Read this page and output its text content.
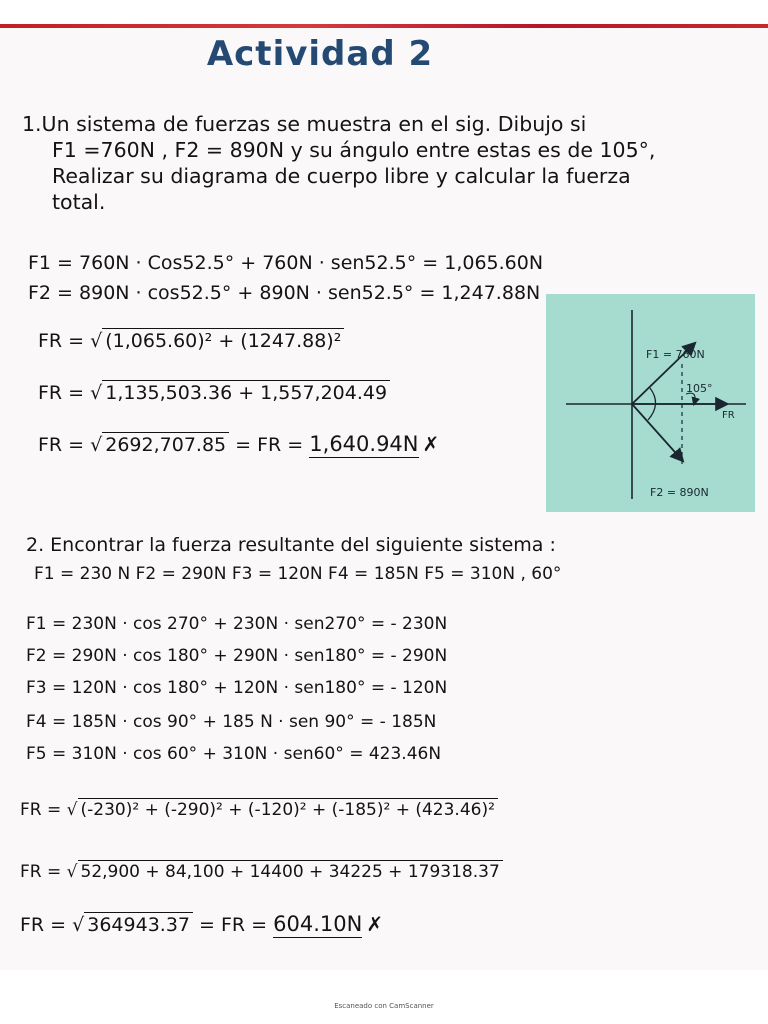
Actividad 2
1.Un sistema de fuerzas se muestra en el sig. Dibujo si
F1 =760N , F2 = 890N y su ángulo entre estas es de 105°,
Realizar su diagrama de cuerpo libre y calcular la fuerza
total.
F1 = 760N · Cos52.5° + 760N · sen52.5° = 1,065.60N
F2 = 890N · cos52.5° + 890N · sen52.5° = 1,247.88N
FR = √ (1,065.60)² + (1247.88)²
FR = √ 1,135,503.36 + 1,557,204.49
FR = √ 2692,707.85 = FR = 1,640.94N ✗
F1 = 760N
105°
FR
F2 = 890N
2. Encontrar la fuerza resultante del siguiente sistema :
F1 = 230 N F2 = 290N F3 = 120N F4 = 185N F5 = 310N , 60°
F1 = 230N · cos 270° + 230N · sen270° = - 230N
F2 = 290N · cos 180° + 290N · sen180° = - 290N
F3 = 120N · cos 180° + 120N · sen180° = - 120N
F4 = 185N · cos 90° + 185 N · sen 90° = - 185N
F5 = 310N · cos 60° + 310N · sen60° = 423.46N
FR = √ (-230)² + (-290)² + (-120)² + (-185)² + (423.46)²
FR = √ 52,900 + 84,100 + 14400 + 34225 + 179318.37
FR = √ 364943.37 = FR = 604.10N ✗
Escaneado con CamScanner
